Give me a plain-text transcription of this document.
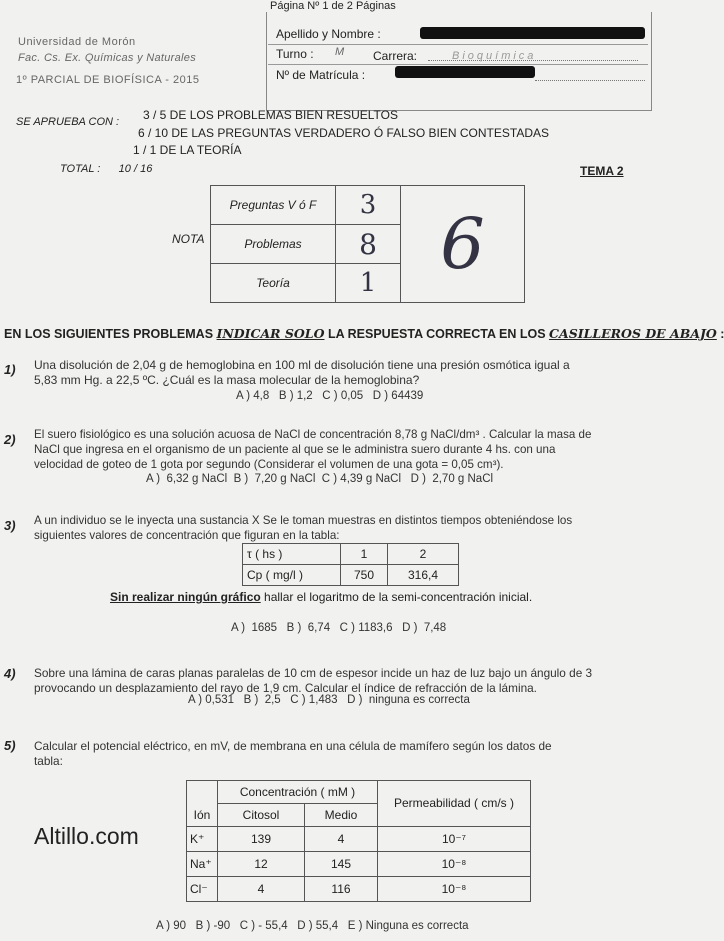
Página Nº 1 de 2 Páginas
Universidad de Morón
Fac. Cs. Ex. Químicas y Naturales
1º PARCIAL DE BIOFÍSICA - 2015
Apellido y Nombre :
Turno : M Carrera:	Bioquímica
Nº de Matrícula :
SE APRUEBA CON : 3 / 5 DE LOS PROBLEMAS BIEN RESUELTOS
6 / 10 DE LAS PREGUNTAS VERDADERO Ó FALSO BIEN CONTESTADAS
1 / 1 DE LA TEORÍA
TOTAL :      10 / 16	TEMA 2
NOTA
Preguntas V ó F	3	6
Problemas	8	
Teoría	1	
EN LOS SIGUIENTES PROBLEMAS INDICAR SOLO LA RESPUESTA CORRECTA EN LOS CASILLEROS DE ABAJO :
1) Una disolución de 2,04 g de hemoglobina en 100 ml de disolución tiene una presión osmótica igual a
5,83 mm Hg. a 22,5 ºC. ¿Cuál es la masa molecular de la hemoglobina?
A ) 4,8   B ) 1,2   C ) 0,05   D ) 64439
2) El suero fisiológico es una solución acuosa de NaCl de concentración 8,78 g NaCl/dm³ . Calcular la masa de
NaCl que ingresa en el organismo de un paciente al que se le administra suero durante 4 hs. con una
velocidad de goteo de 1 gota por segundo (Considerar el volumen de una gota = 0,05 cm³).
A )  6,32 g NaCl  B )  7,20 g NaCl  C ) 4,39 g NaCl   D )  2,70 g NaCl
3) A un individuo se le inyecta una sustancia X Se le toman muestras en distintos tiempos obteniéndose los
siguientes valores de concentración que figuran en la tabla:
τ ( hs )	1	2
Cp ( mg/l )	750	316,4
Sin realizar ningún gráfico hallar el logaritmo de la semi-concentración inicial.
A )  1685   B )  6,74   C ) 1183,6   D )  7,48
4) Sobre una lámina de caras planas paralelas de 10 cm de espesor incide un haz de luz bajo un ángulo de 3
provocando un desplazamiento del rayo de 1,9 cm. Calcular el índice de refracción de la lámina.
A ) 0,531   B )  2,5   C ) 1,483   D )  ninguna es correcta
5) Calcular el potencial eléctrico, en mV, de membrana en una célula de mamífero según los datos de
tabla:
	Concentración ( mM )		Permeabilidad ( cm/s )
Ión	Citosol	Medio	
K⁺	139	4	10⁻⁷
Na⁺	12	145	10⁻⁸
Cl⁻	4	116	10⁻⁸
A ) 90   B ) -90   C ) - 55,4   D ) 55,4   E ) Ninguna es correcta
Altillo.com
